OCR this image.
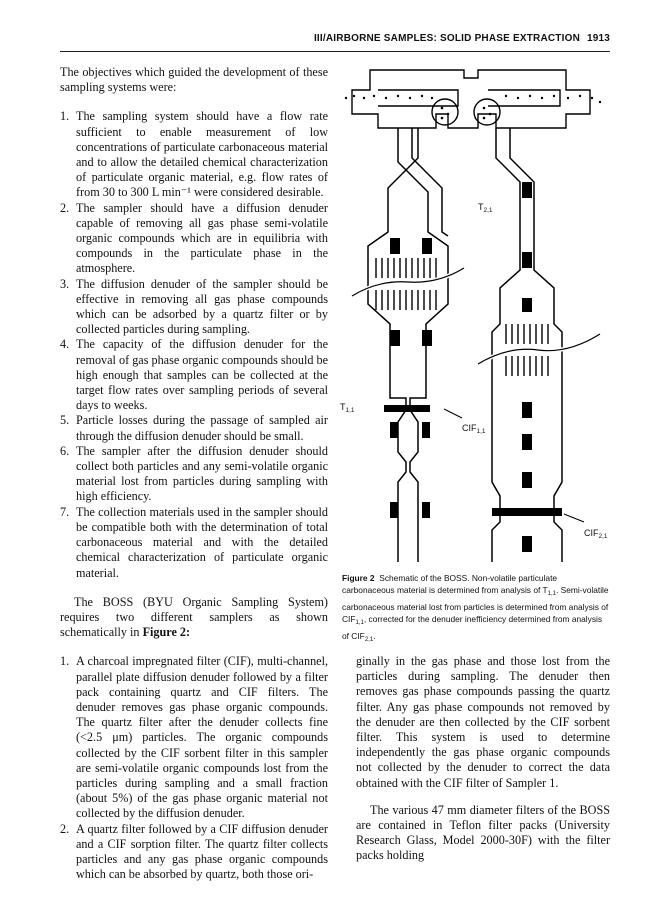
III/AIRBORNE SAMPLES: SOLID PHASE EXTRACTION 1913

The objectives which guided the development of these sampling systems were:

1. The sampling system should have a flow rate sufficient to enable measurement of low concentrations of particulate carbonaceous material and to allow the detailed chemical characterization of particulate organic material, e.g. flow rates of from 30 to 300 L min⁻¹ were considered desirable.
2. The sampler should have a diffusion denuder capable of removing all gas phase semi-volatile organic compounds which are in equilibria with compounds in the particulate phase in the atmosphere.
3. The diffusion denuder of the sampler should be effective in removing all gas phase compounds which can be adsorbed by a quartz filter or by collected particles during sampling.
4. The capacity of the diffusion denuder for the removal of gas phase organic compounds should be high enough that samples can be collected at the target flow rates over sampling periods of several days to weeks.
5. Particle losses during the passage of sampled air through the diffusion denuder should be small.
6. The sampler after the diffusion denuder should collect both particles and any semi-volatile organic material lost from particles during sampling with high efficiency.
7. The collection materials used in the sampler should be compatible both with the determination of total carbonaceous material and with the detailed chemical characterization of particulate organic material.

The BOSS (BYU Organic Sampling System) requires two different samplers as shown schematically in Figure 2:

1. A charcoal impregnated filter (CIF), multi-channel, parallel plate diffusion denuder followed by a filter pack containing quartz and CIF filters. The denuder removes gas phase organic compounds. The quartz filter after the denuder collects fine (<2.5 μm) particles. The organic compounds collected by the CIF sorbent filter in this sampler are semi-volatile organic compounds lost from the particles during sampling and a small fraction (about 5%) of the gas phase organic material not collected by the diffusion denuder.
2. A quartz filter followed by a CIF diffusion denuder and a CIF sorption filter. The quartz filter collects particles and any gas phase organic compounds which can be absorbed by quartz, both those ori-
$T_{1,1}$
$T_{2,1}$
$CIF_{1,1}$
$CIF_{2,1}$
Figure 2 Schematic of the BOSS. Non-volatile particulate carbonaceous material is determined from analysis of $T_{1,1}$. Semi-volatile carbonaceous material lost from particles is determined from analysis of $CIF_{1,1}$, corrected for the denuder inefficiency determined from analysis of $CIF_{2,1}$.

ginally in the gas phase and those lost from the particles during sampling. The denuder then removes gas phase compounds passing the quartz filter. Any gas phase compounds not removed by the denuder are then collected by the CIF sorbent filter. This system is used to determine independently the gas phase organic compounds not collected by the denuder to correct the data obtained with the CIF filter of Sampler 1.

The various 47 mm diameter filters of the BOSS are contained in Teflon filter packs (University Research Glass, Model 2000-30F) with the filter packs holding
